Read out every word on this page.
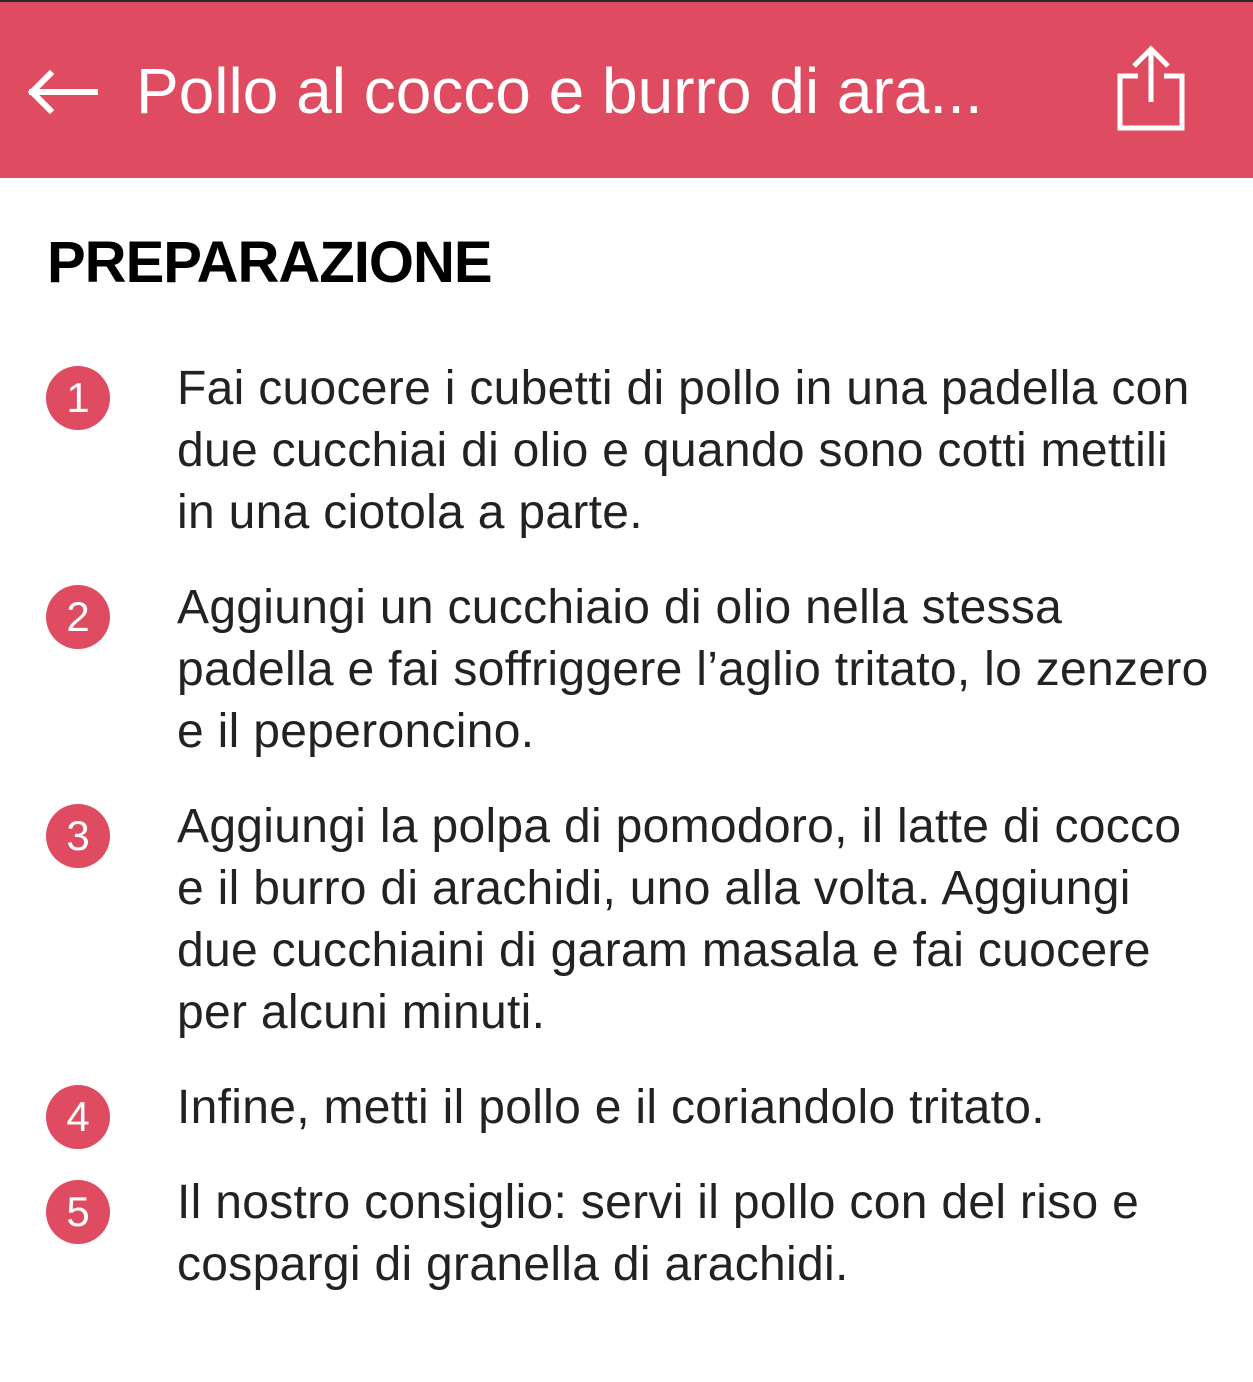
Pollo al cocco e burro di ara...
PREPARAZIONE
1	Fai cuocere i cubetti di pollo in una padella con due cucchiai di olio e quando sono cotti mettili in una ciotola a parte.
2	Aggiungi un cucchiaio di olio nella stessa padella e fai soffriggere l’aglio tritato, lo zenzero e il peperoncino.
3	Aggiungi la polpa di pomodoro, il latte di cocco e il burro di arachidi, uno alla volta. Aggiungi due cucchiaini di garam masala e fai cuocere per alcuni minuti.
4	Infine, metti il pollo e il coriandolo tritato.
5	Il nostro consiglio: servi il pollo con del riso e cospargi di granella di arachidi.
